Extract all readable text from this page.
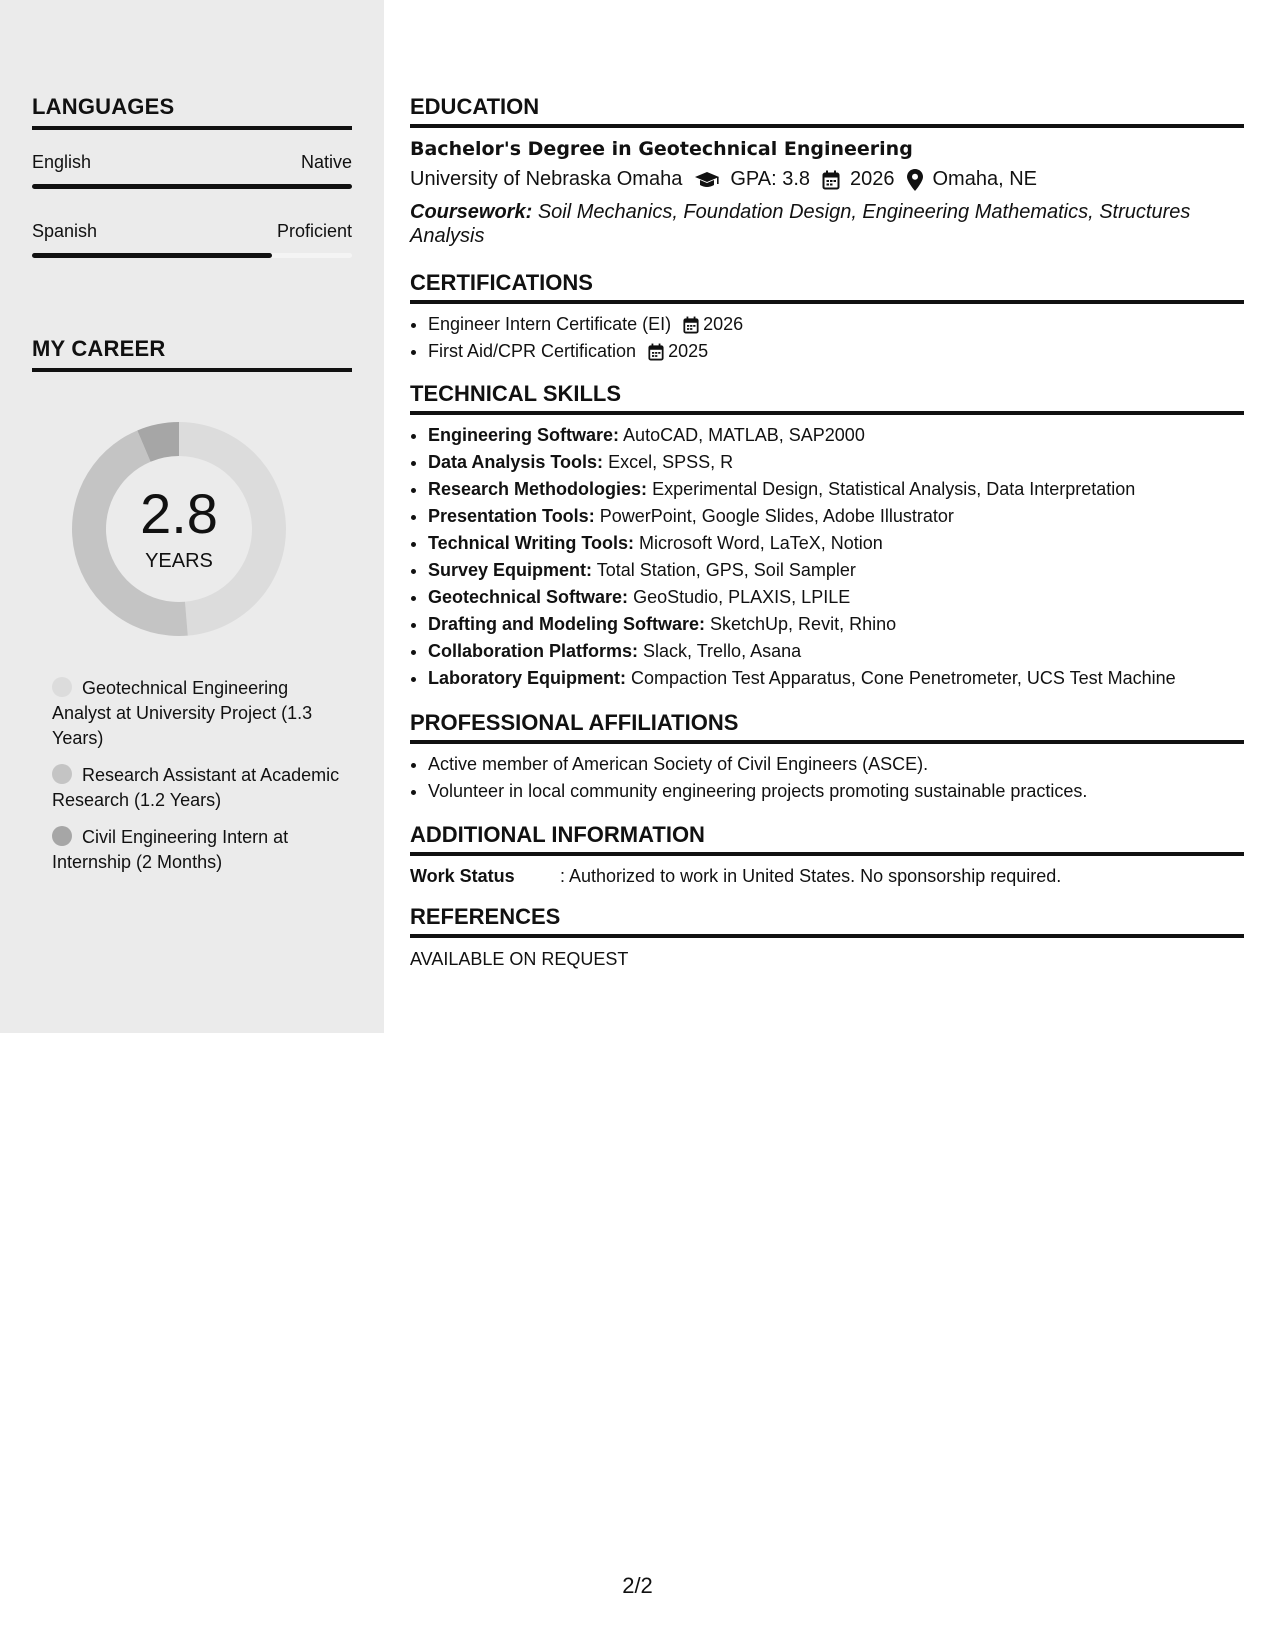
LANGUAGES
English	Native
Spanish	Proficient
MY CAREER
2.8
YEARS
Geotechnical Engineering Analyst at University Project (1.3 Years)
Research Assistant at Academic Research (1.2 Years)
Civil Engineering Intern at Internship (2 Months)
EDUCATION
Bachelor's Degree in Geotechnical Engineering
University of Nebraska Omaha GPA: 3.8 2026 Omaha, NE
Coursework: Soil Mechanics, Foundation Design, Engineering Mathematics, Structures Analysis
CERTIFICATIONS
• Engineer Intern Certificate (EI) 2026
• First Aid/CPR Certification 2025
TECHNICAL SKILLS
• Engineering Software: AutoCAD, MATLAB, SAP2000
• Data Analysis Tools: Excel, SPSS, R
• Research Methodologies: Experimental Design, Statistical Analysis, Data Interpretation
• Presentation Tools: PowerPoint, Google Slides, Adobe Illustrator
• Technical Writing Tools: Microsoft Word, LaTeX, Notion
• Survey Equipment: Total Station, GPS, Soil Sampler
• Geotechnical Software: GeoStudio, PLAXIS, LPILE
• Drafting and Modeling Software: SketchUp, Revit, Rhino
• Collaboration Platforms: Slack, Trello, Asana
• Laboratory Equipment: Compaction Test Apparatus, Cone Penetrometer, UCS Test Machine
PROFESSIONAL AFFILIATIONS
• Active member of American Society of Civil Engineers (ASCE).
• Volunteer in local community engineering projects promoting sustainable practices.
ADDITIONAL INFORMATION
Work Status	: Authorized to work in United States. No sponsorship required.
REFERENCES
AVAILABLE ON REQUEST
2/2
